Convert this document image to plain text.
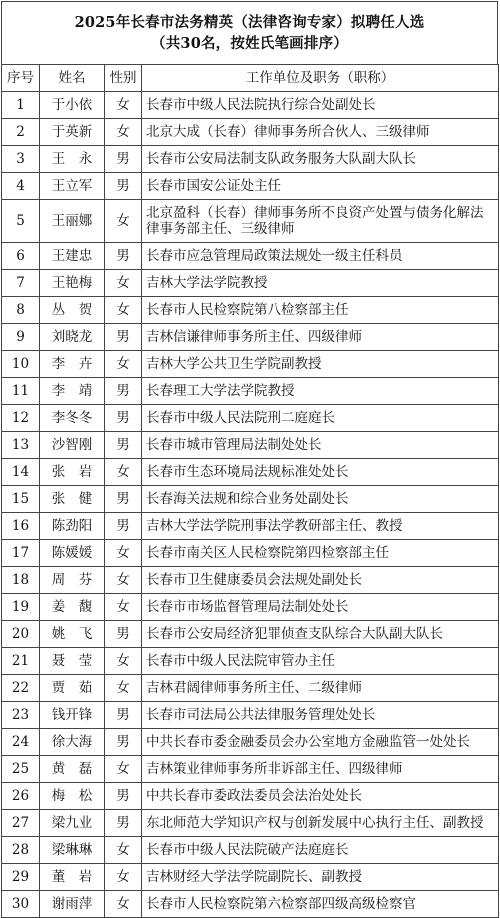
2025年长春市法务精英（法律咨询专家）拟聘任人选
（共30名，按姓氏笔画排序）
序号	姓名	性别	工作单位及职务（职称）
1	于小依	女	长春市中级人民法院执行综合处副处长

2	于英新	女	北京大成（长春）律师事务所合伙人、三级律师

3	王　永	男	长春市公安局法制支队政务服务大队副大队长

4	王立军	男	长春市国安公证处主任

5	王丽娜	女	北京盈科（长春）律师事务所不良资产处置与债务化解法律事务部主任、三级律师

6	王建忠	男	长春市应急管理局政策法规处一级主任科员

7	王艳梅	女	吉林大学法学院教授

8	丛　贺	女	长春市人民检察院第八检察部主任

9	刘晓龙	男	吉林信谦律师事务所主任、四级律师

10	李　卉	女	吉林大学公共卫生学院副教授

11	李　靖	男	长春理工大学法学院教授

12	李冬冬	男	长春市中级人民法院刑二庭庭长

13	沙智刚	男	长春市城市管理局法制处处长

14	张　岩	女	长春市生态环境局法规标准处处长

15	张　健	男	长春海关法规和综合业务处副处长

16	陈劲阳	男	吉林大学法学院刑事法学教研部主任、教授

17	陈媛媛	女	长春市南关区人民检察院第四检察部主任

18	周　芬	女	长春市卫生健康委员会法规处副处长

19	姜　馥	女	长春市市场监督管理局法制处处长

20	姚　飞	男	长春市公安局经济犯罪侦查支队综合大队副大队长

21	聂　莹	女	长春市中级人民法院审管办主任

22	贾　茹	女	吉林君阔律师事务所主任、二级律师

23	钱开锋	男	长春市司法局公共法律服务管理处处长

24	徐大海	男	中共长春市委金融委员会办公室地方金融监管一处处长

25	黄　磊	女	吉林策业律师事务所非诉部主任、四级律师

26	梅　松	男	中共长春市委政法委员会法治处处长

27	梁九业	男	东北师范大学知识产权与创新发展中心执行主任、副教授

28	梁琳琳	女	长春市中级人民法院破产法庭庭长

29	董　岩	女	吉林财经大学法学院副院长、副教授

30	谢雨萍	女	长春市人民检察院第六检察部四级高级检察官
